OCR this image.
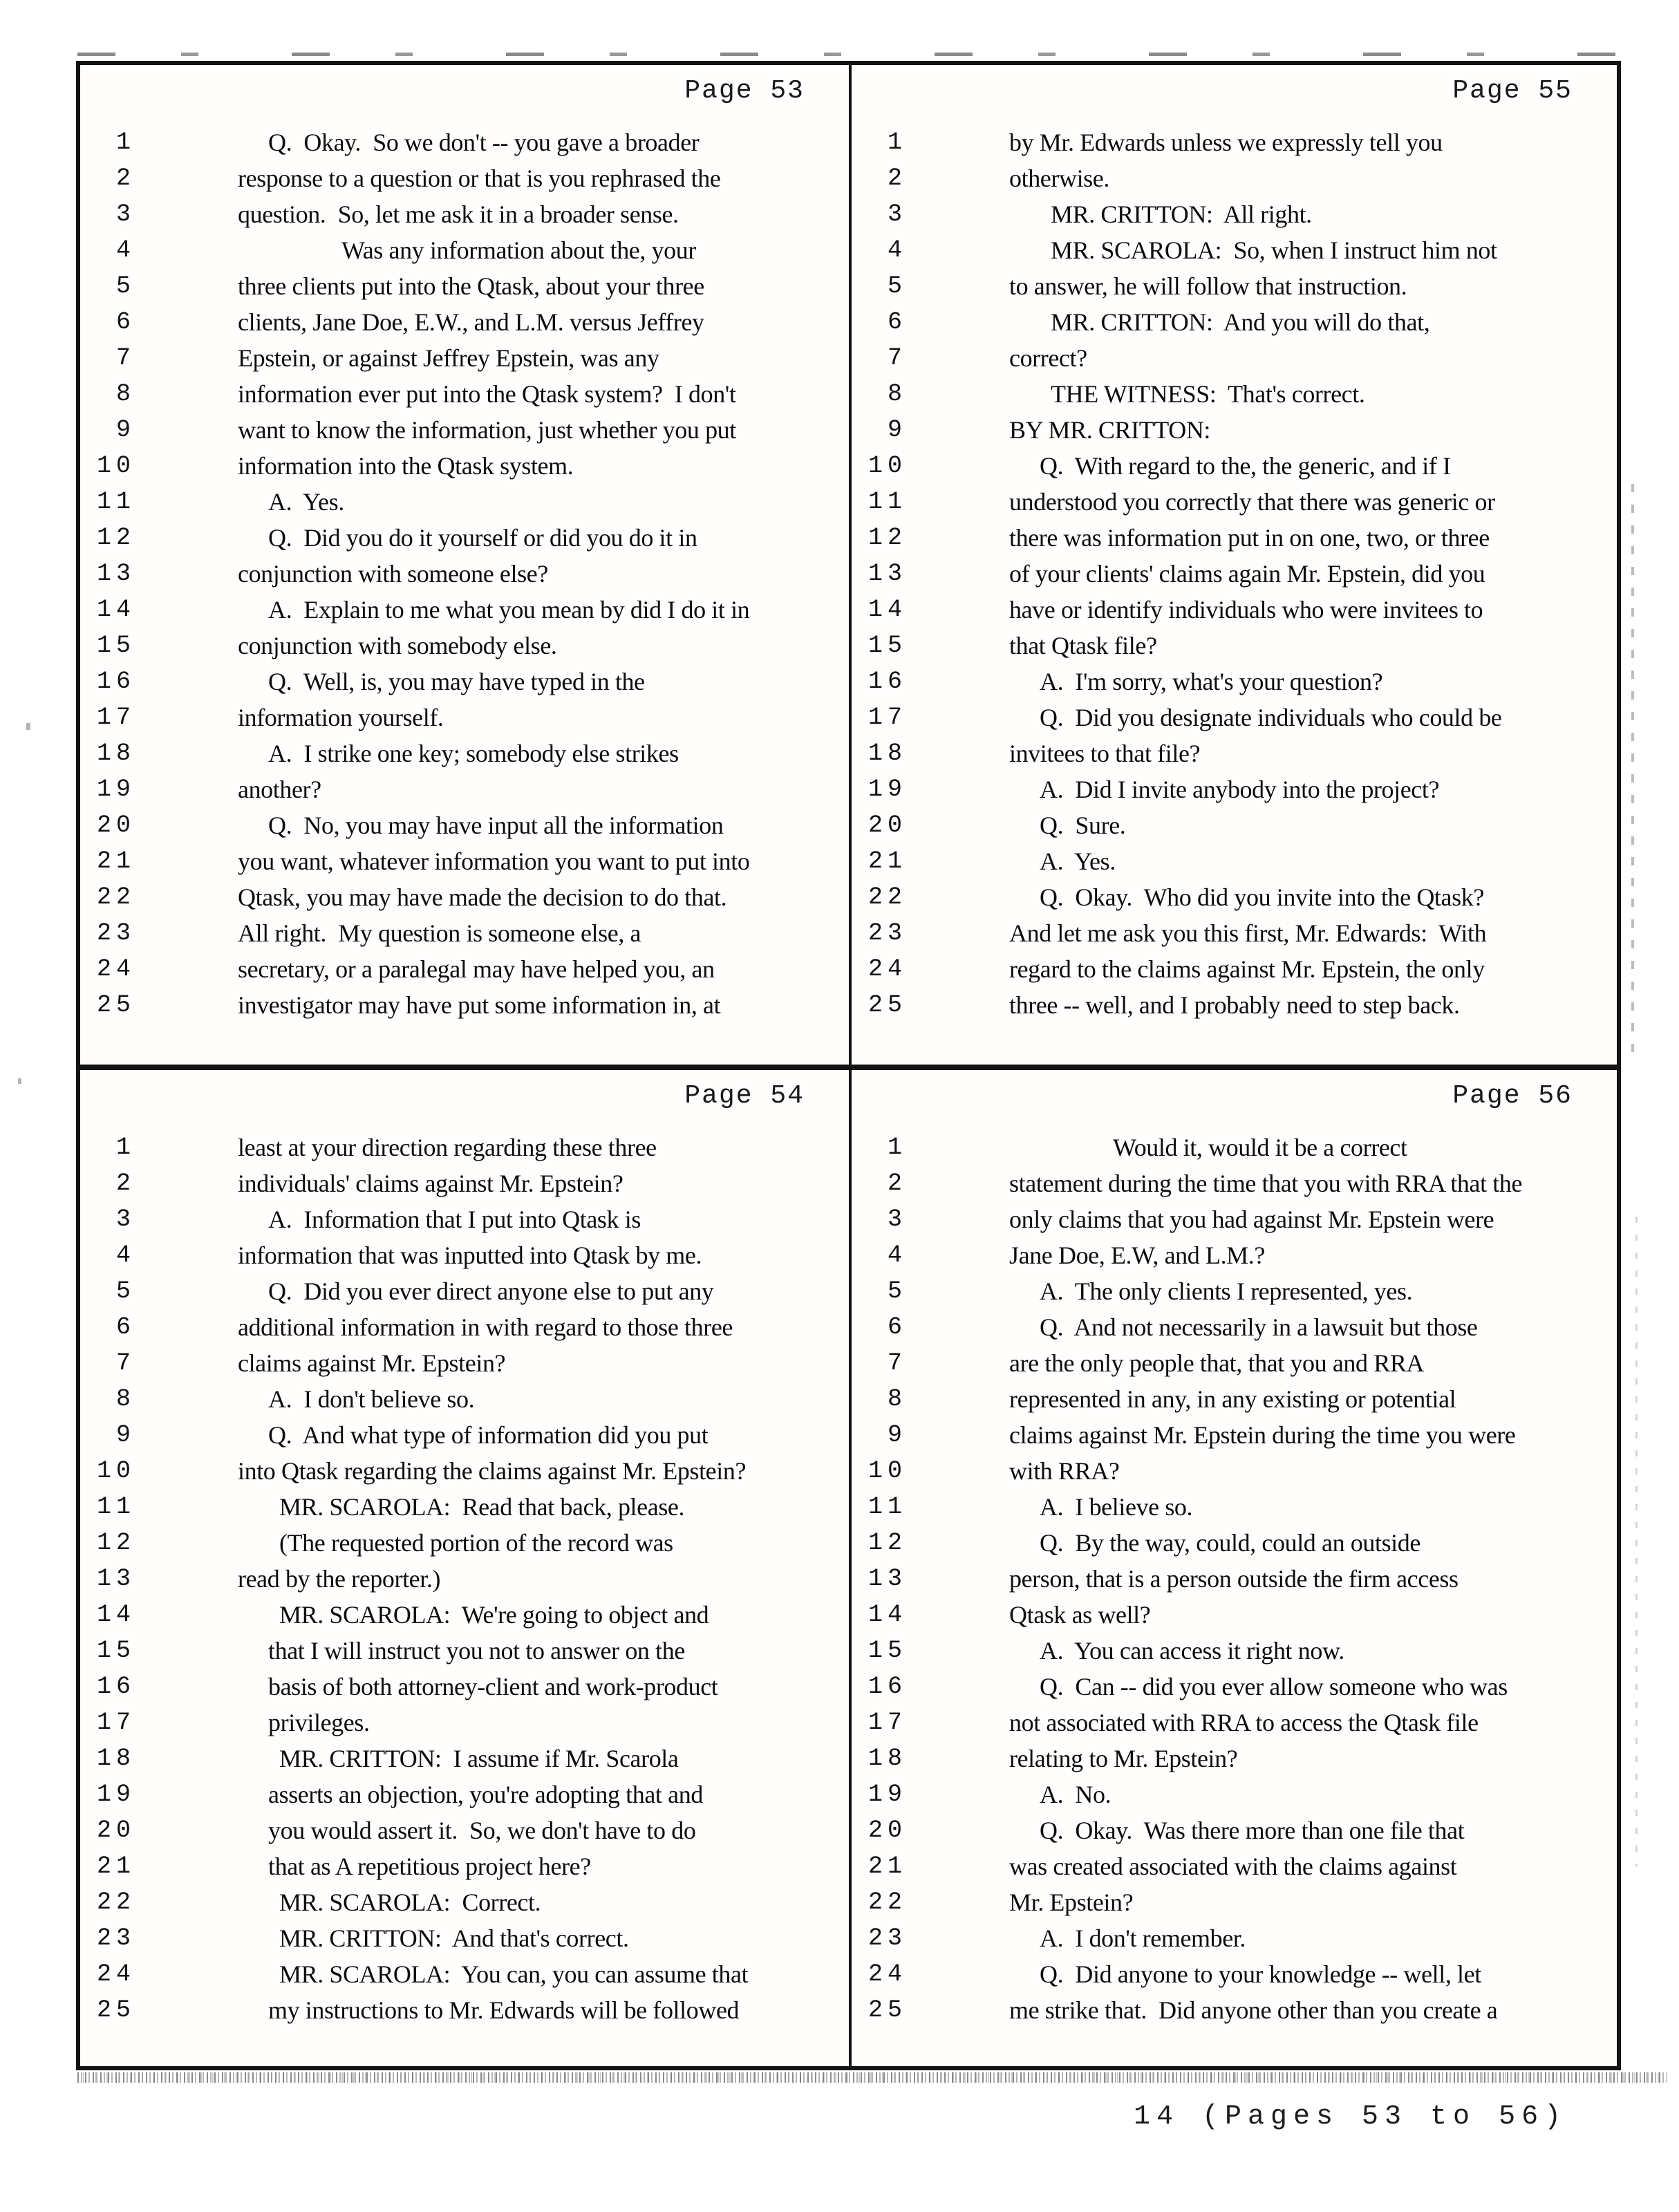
Page 53
1	Q.  Okay.  So we don't -- you gave a broader
2	response to a question or that is you rephrased the
3	question.  So, let me ask it in a broader sense.
4	Was any information about the, your
5	three clients put into the Qtask, about your three
6	clients, Jane Doe, E.W., and L.M. versus Jeffrey
7	Epstein, or against Jeffrey Epstein, was any
8	information ever put into the Qtask system?  I don't
9	want to know the information, just whether you put
10	information into the Qtask system.
11	A.  Yes.
12	Q.  Did you do it yourself or did you do it in
13	conjunction with someone else?
14	A.  Explain to me what you mean by did I do it in
15	conjunction with somebody else.
16	Q.  Well, is, you may have typed in the
17	information yourself.
18	A.  I strike one key; somebody else strikes
19	another?
20	Q.  No, you may have input all the information
21	you want, whatever information you want to put into
22	Qtask, you may have made the decision to do that.
23	All right.  My question is someone else, a
24	secretary, or a paralegal may have helped you, an
25	investigator may have put some information in, at
Page 55
1	by Mr. Edwards unless we expressly tell you
2	otherwise.
3	MR. CRITTON:  All right.
4	MR. SCAROLA:  So, when I instruct him not
5	to answer, he will follow that instruction.
6	MR. CRITTON:  And you will do that,
7	correct?
8	THE WITNESS:  That's correct.
9	BY MR. CRITTON:
10	Q.  With regard to the, the generic, and if I
11	understood you correctly that there was generic or
12	there was information put in on one, two, or three
13	of your clients' claims again Mr. Epstein, did you
14	have or identify individuals who were invitees to
15	that Qtask file?
16	A.  I'm sorry, what's your question?
17	Q.  Did you designate individuals who could be
18	invitees to that file?
19	A.  Did I invite anybody into the project?
20	Q.  Sure.
21	A.  Yes.
22	Q.  Okay.  Who did you invite into the Qtask?
23	And let me ask you this first, Mr. Edwards:  With
24	regard to the claims against Mr. Epstein, the only
25	three -- well, and I probably need to step back.
Page 54
1	least at your direction regarding these three
2	individuals' claims against Mr. Epstein?
3	A.  Information that I put into Qtask is
4	information that was inputted into Qtask by me.
5	Q.  Did you ever direct anyone else to put any
6	additional information in with regard to those three
7	claims against Mr. Epstein?
8	A.  I don't believe so.
9	Q.  And what type of information did you put
10	into Qtask regarding the claims against Mr. Epstein?
11	MR. SCAROLA:  Read that back, please.
12	(The requested portion of the record was
13	read by the reporter.)
14	MR. SCAROLA:  We're going to object and
15	that I will instruct you not to answer on the
16	basis of both attorney-client and work-product
17	privileges.
18	MR. CRITTON:  I assume if Mr. Scarola
19	asserts an objection, you're adopting that and
20	you would assert it.  So, we don't have to do
21	that as A repetitious project here?
22	MR. SCAROLA:  Correct.
23	MR. CRITTON:  And that's correct.
24	MR. SCAROLA:  You can, you can assume that
25	my instructions to Mr. Edwards will be followed
Page 56
1	Would it, would it be a correct
2	statement during the time that you with RRA that the
3	only claims that you had against Mr. Epstein were
4	Jane Doe, E.W, and L.M.?
5	A.  The only clients I represented, yes.
6	Q.  And not necessarily in a lawsuit but those
7	are the only people that, that you and RRA
8	represented in any, in any existing or potential
9	claims against Mr. Epstein during the time you were
10	with RRA?
11	A.  I believe so.
12	Q.  By the way, could, could an outside
13	person, that is a person outside the firm access
14	Qtask as well?
15	A.  You can access it right now.
16	Q.  Can -- did you ever allow someone who was
17	not associated with RRA to access the Qtask file
18	relating to Mr. Epstein?
19	A.  No.
20	Q.  Okay.  Was there more than one file that
21	was created associated with the claims against
22	Mr. Epstein?
23	A.  I don't remember.
24	Q.  Did anyone to your knowledge -- well, let
25	me strike that.  Did anyone other than you create a
14 (Pages 53 to 56)
